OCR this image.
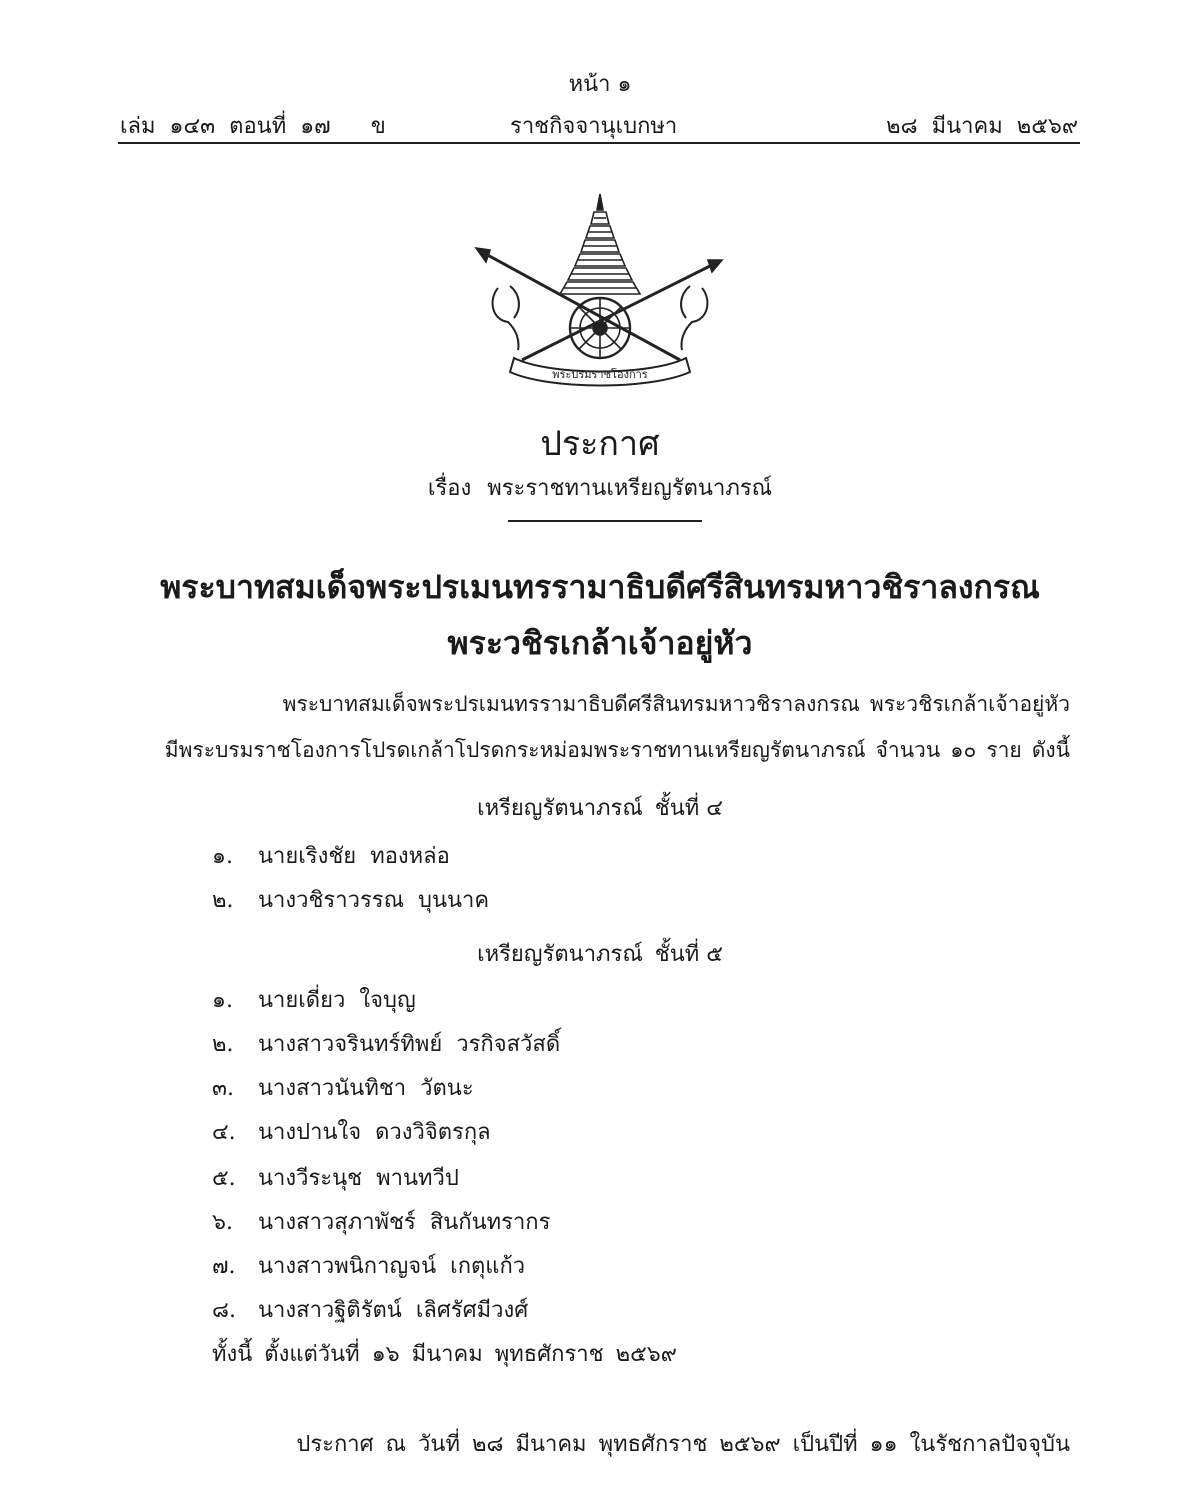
หน้า ๑
เล่ม ๑๔๓ ตอนที่ ๑๗ ข	ราชกิจจานุเบกษา	๒๘ มีนาคม ๒๕๖๙
พระบรมราชโองการ
ประกาศ
เรื่อง พระราชทานเหรียญรัตนาภรณ์
พระบาทสมเด็จพระปรเมนทรรามาธิบดีศรีสินทรมหาวชิราลงกรณ
พระวชิรเกล้าเจ้าอยู่หัว
พระบาทสมเด็จพระปรเมนทรรามาธิบดีศรีสินทรมหาวชิราลงกรณ พระวชิรเกล้าเจ้าอยู่หัว
มีพระบรมราชโองการโปรดเกล้าโปรดกระหม่อมพระราชทานเหรียญรัตนาภรณ์ จำนวน ๑๐ ราย ดังนี้
เหรียญรัตนาภรณ์ ชั้นที่ ๔
๑. นายเริงชัย ทองหล่อ
๒. นางวชิราวรรณ บุนนาค
เหรียญรัตนาภรณ์ ชั้นที่ ๕
๑. นายเดี่ยว ใจบุญ
๒. นางสาวจรินทร์ทิพย์ วรกิจสวัสดิ์
๓. นางสาวนันทิชา วัตนะ
๔. นางปานใจ ดวงวิจิตรกุล
๕. นางวีระนุช พานทวีป
๖. นางสาวสุภาพัชร์ สินกันทรากร
๗. นางสาวพนิกาญจน์ เกตุแก้ว
๘. นางสาวฐิติรัตน์ เลิศรัศมีวงศ์
ทั้งนี้ ตั้งแต่วันที่ ๑๖ มีนาคม พุทธศักราช ๒๕๖๙
ประกาศ ณ วันที่ ๒๘ มีนาคม พุทธศักราช ๒๕๖๙ เป็นปีที่ ๑๑ ในรัชกาลปัจจุบัน
